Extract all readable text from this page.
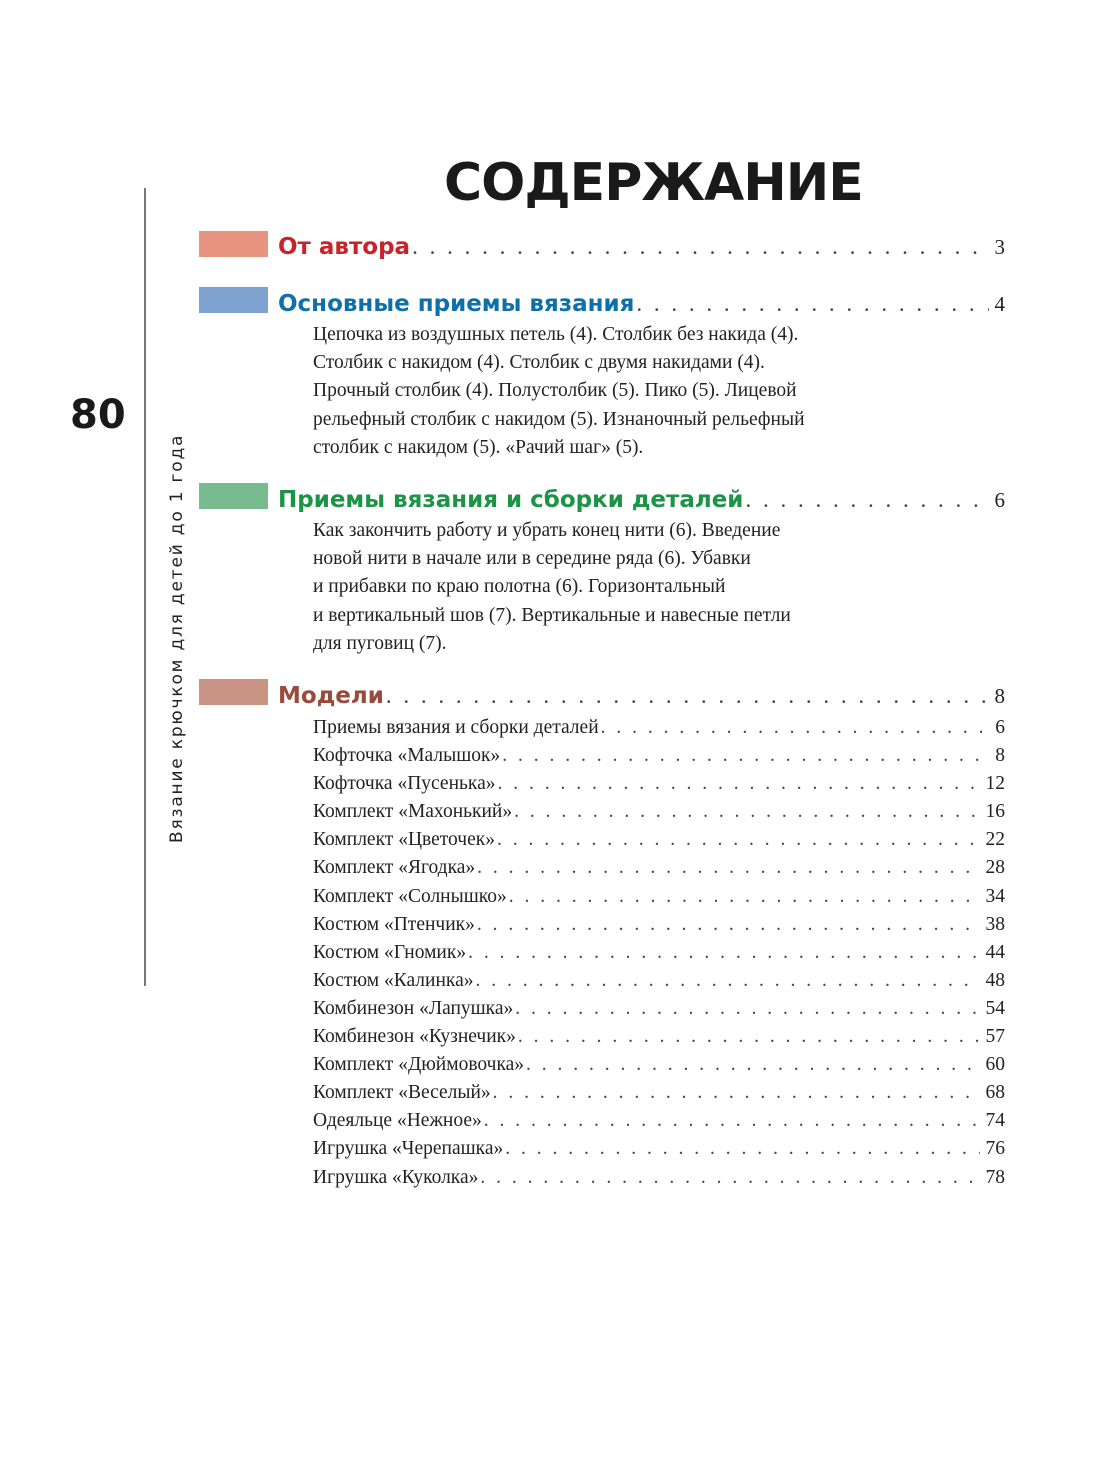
СОДЕРЖАНИЕ
80
Вязание крючком для детей до 1 года
От автора . . .	3
Основные приемы вязания . . .	4
Цепочка из воздушных петель (4). Столбик без накида (4).
Столбик с накидом (4). Столбик с двумя накидами (4).
Прочный столбик (4). Полустолбик (5). Пико (5). Лицевой
рельефный столбик с накидом (5). Изнаночный рельефный
столбик с накидом (5). «Рачий шаг» (5).
Приемы вязания и сборки деталей . . .	6
Как закончить работу и убрать конец нити (6). Введение
новой нити в начале или в середине ряда (6). Убавки
и прибавки по краю полотна (6). Горизонтальный
и вертикальный шов (7). Вертикальные и навесные петли
для пуговиц (7).
Модели . . .	8
Приемы вязания и сборки деталей . . .	6
Кофточка «Малышок» . . .	8
Кофточка «Пусенька» . . .	12
Комплект «Махонький» . . .	16
Комплект «Цветочек» . . .	22
Комплект «Ягодка» . . .	28
Комплект «Солнышко» . . .	34
Костюм «Птенчик» . . .	38
Костюм «Гномик» . . .	44
Костюм «Калинка» . . .	48
Комбинезон «Лапушка» . . .	54
Комбинезон «Кузнечик» . . .	57
Комплект «Дюймовочка» . . .	60
Комплект «Веселый» . . .	68
Одеяльце «Нежное» . . .	74
Игрушка «Черепашка» . . .	76
Игрушка «Куколка» . . .	78
